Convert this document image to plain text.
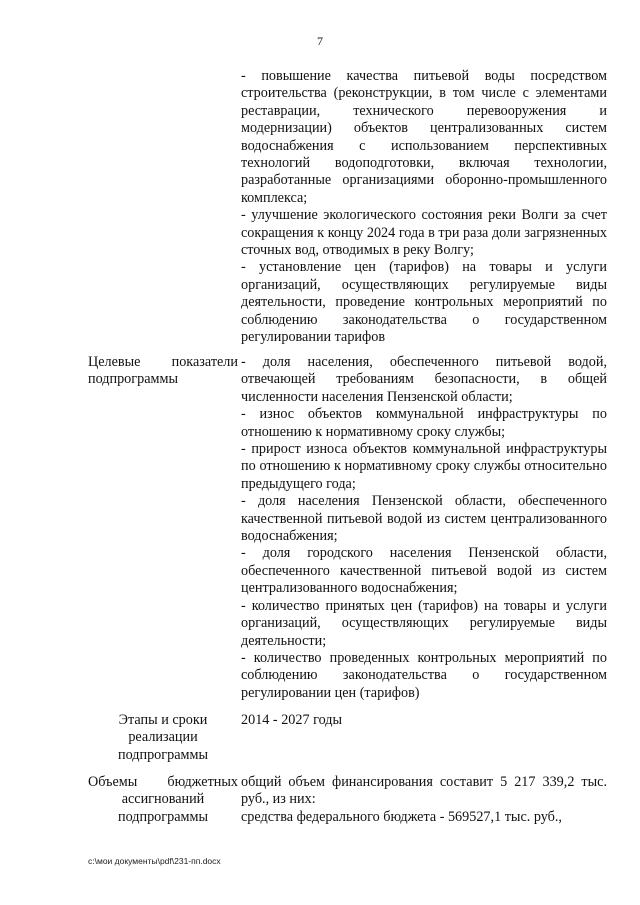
7

- повышение качества питьевой воды посредством строительства (реконструкции, в том числе с элементами реставрации, технического перевооружения и модернизации) объектов централизованных систем водоснабжения с использованием перспективных технологий водоподготовки, включая технологии, разработанные организациями оборонно-промышленного комплекса;

- улучшение экологического состояния реки Волги за счет сокращения к концу 2024 года в три раза доли загрязненных сточных вод, отводимых в реку Волгу;

- установление цен (тарифов) на товары и услуги организаций, осуществляющих регулируемые виды деятельности, проведение контрольных мероприятий по соблюдению законодательства о государственном регулировании тарифов

Целевые показатели
подпрограммы

- доля населения, обеспеченного питьевой водой, отвечающей требованиям безопасности, в общей численности населения Пензенской области;

- износ объектов коммунальной инфраструктуры по отношению к нормативному сроку службы;

- прирост износа объектов коммунальной инфраструктуры по отношению к нормативному сроку службы относительно предыдущего года;

- доля населения Пензенской области, обеспеченного качественной питьевой водой из систем централизованного водоснабжения;

- доля городского населения Пензенской области, обеспеченного качественной питьевой водой из систем централизованного водоснабжения;

- количество принятых цен (тарифов) на товары и услуги организаций, осуществляющих регулируемые виды деятельности;

- количество проведенных контрольных мероприятий по соблюдению законодательства о государственном регулировании цен (тарифов)

Этапы и сроки
реализации
подпрограммы

2014 - 2027 годы

Объемы бюджетных
ассигнований
подпрограммы

общий объем финансирования составит 5 217 339,2 тыс. руб., из них:

средства федерального бюджета - 569527,1 тыс. руб.,

c:\мои документы\pdf\231-пп.docx
